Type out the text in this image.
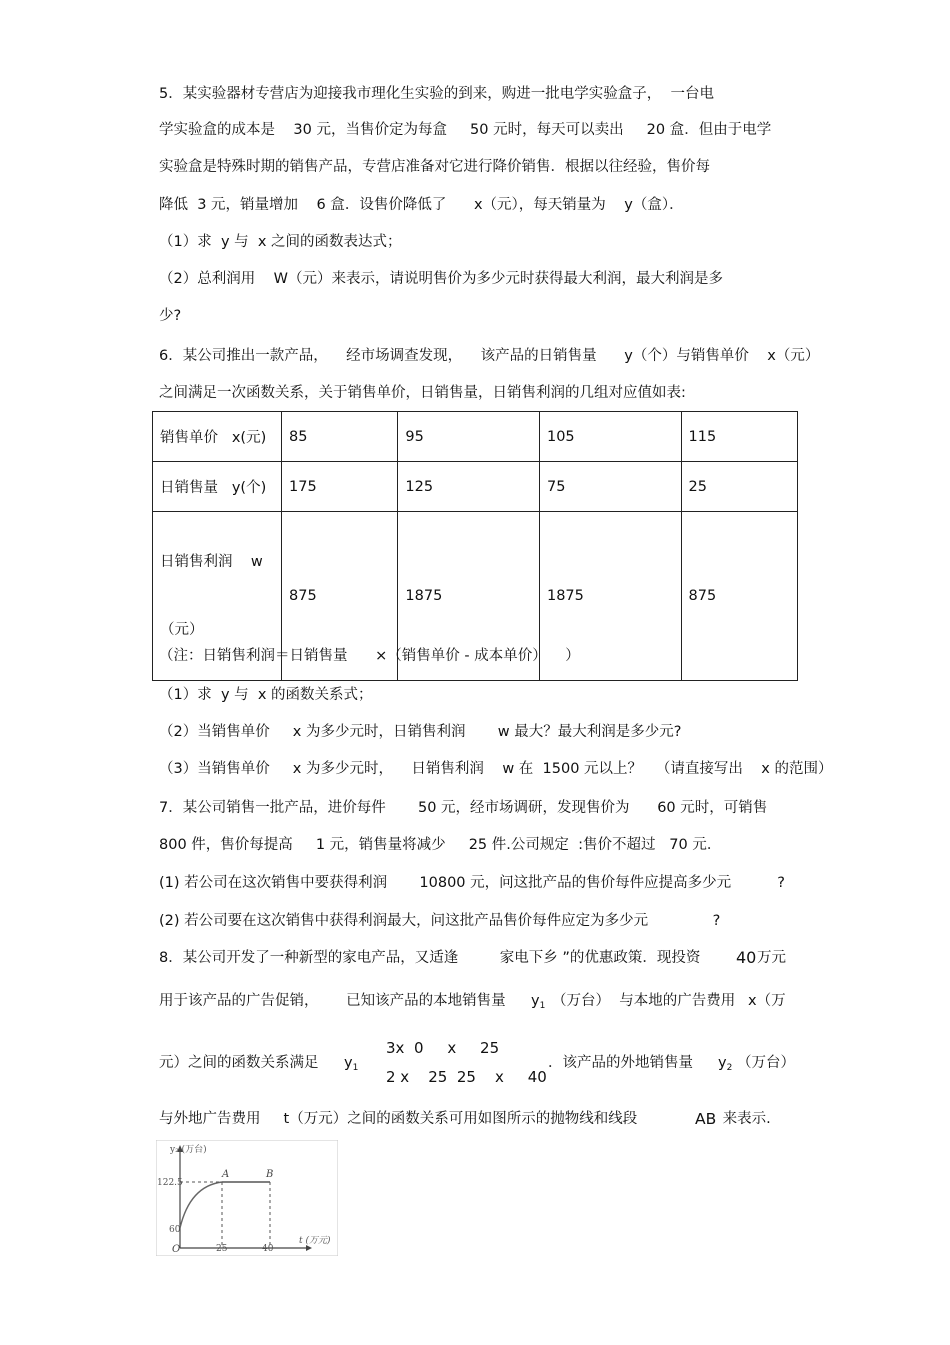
5．某实验器材专营店为迎接我市理化生实验的到来，购进一批电学实验盒子，  一台电
学实验盒的成本是    30 元，当售价定为每盒     50 元时，每天可以卖出     20 盒．但由于电学
实验盒是特殊时期的销售产品，专营店准备对它进行降价销售．根据以往经验，售价每
降低  3 元，销量增加    6 盒．设售价降低了      x（元），每天销量为    y（盒）．
（1）求  y 与  x 之间的函数表达式；
（2）总利润用    W（元）来表示，请说明售价为多少元时获得最大利润，最大利润是多
少?
6．某公司推出一款产品，    经市场调查发现，    该产品的日销售量      y（个）与销售单价    x（元）
之间满足一次函数关系，关于销售单价，日销售量，日销售利润的几组对应值如表:
销售单价   x(元)	85	95	105	115
日销售量   y(个)	175	125	75	25

日销售利润    w

（元）	875	1875	1875	875
（注：日销售利润＝日销售量      ×（销售单价 - 成本单价）    ）
（1）求  y 与  x 的函数关系式；
（2）当销售单价     x 为多少元时，日销售利润       w 最大？最大利润是多少元?
（3）当销售单价     x 为多少元时，    日销售利润    w 在  1500 元以上？   （请直接写出    x 的范围）
7．某公司销售一批产品，进价每件       50 元，经市场调研，发现售价为      60 元时，可销售
800 件，售价每提高     1 元，销售量将减少     25 件.公司规定  :售价不超过   70 元．
(1) 若公司在这次销售中要获得利润       10800 元，问这批产品的售价每件应提高多少元          ?
(2) 若公司要在这次销售中获得利润最大，问这批产品售价每件应定为多少元              ?
8．某公司开发了一种新型的家电产品，又适逢         家电下乡 ”的优惠政策．现投资 40 万元
用于该产品的广告促销，      已知该产品的本地销售量 $y_1$ （万台）  与本地的广告费用 x（万
元）之间的函数关系满足 $y_1$
3x  0     x     25
2 x    25  25    x     40
．该产品的外地销售量 $y_2$ （万台）
与外地广告费用     t（万元）之间的函数关系可用如图所示的抛物线和线段	AB 来表示.
y₂ (万台)
122.5
60
O	25	40
t (万元)
A	B
